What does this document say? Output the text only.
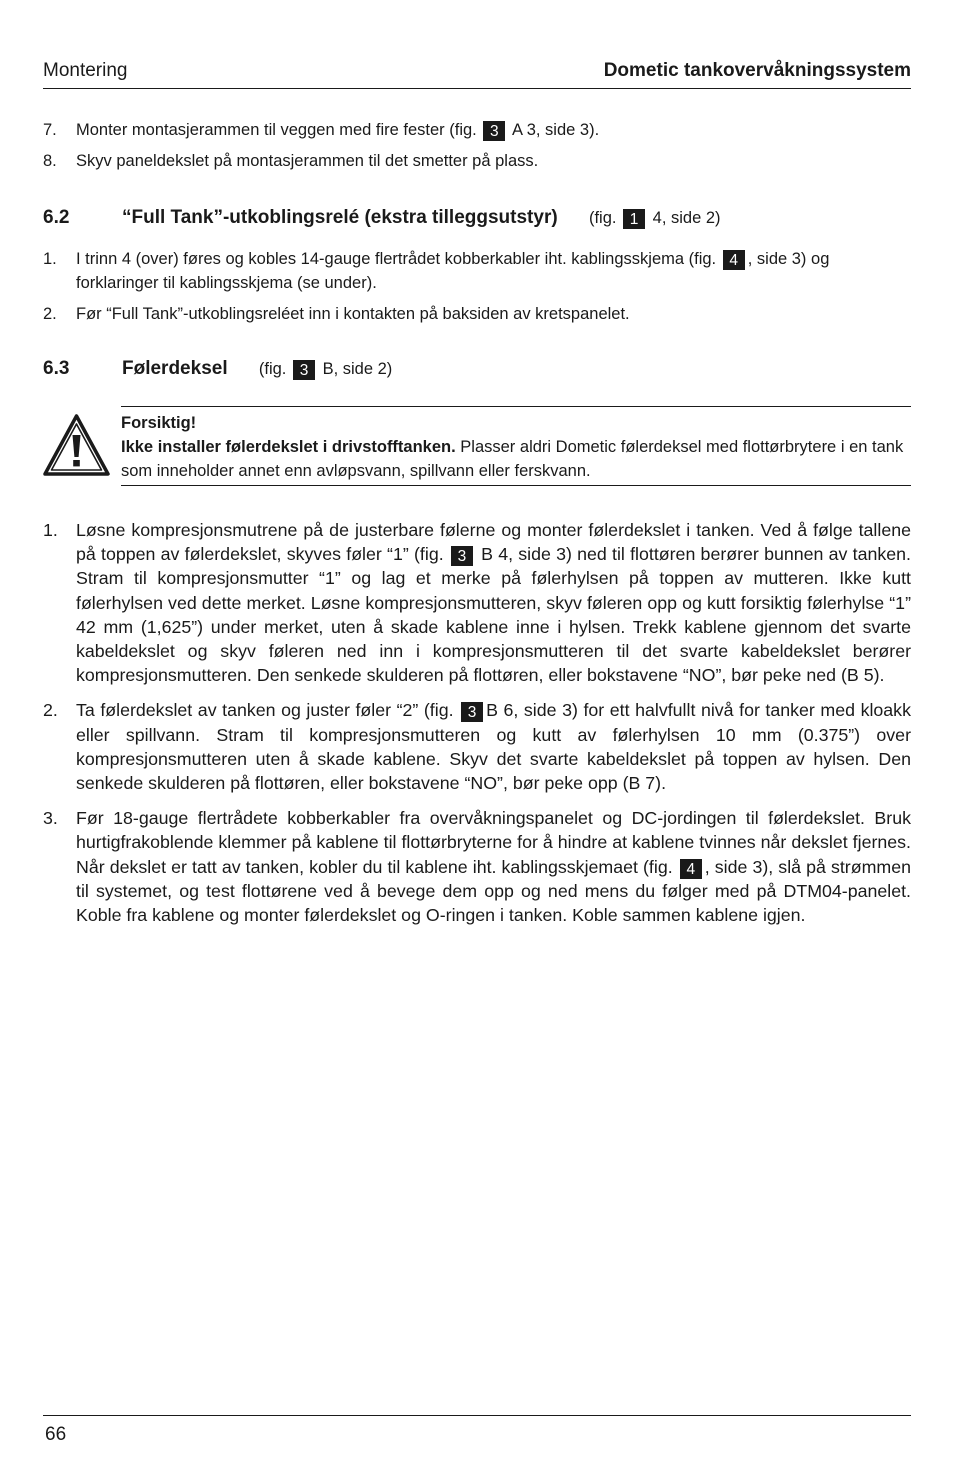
Montering	Dometic tankovervåkningssystem
7. Monter montasjerammen til veggen med fire fester (fig. 3 A 3, side 3).
8. Skyv paneldekslet på montasjerammen til det smetter på plass.
6.2	“Full Tank”-utkoblingsrelé (ekstra tilleggsutstyr) (fig. 1 4, side 2)
1. I trinn 4 (over) føres og kobles 14-gauge flertrådet kobberkabler iht. kablingsskjema (fig. 4 , side 3) og forklaringer til kablingsskjema (se under).
2. Før “Full Tank”-utkoblingsreléet inn i kontakten på baksiden av kretspanelet.
6.3	Følerdeksel (fig. 3 B, side 2)
Forsiktig!
Ikke installer følerdekslet i drivstofftanken. Plasser aldri Dometic følerdeksel med flottørbrytere i en tank som inneholder annet enn avløpsvann, spillvann eller ferskvann.
1. Løsne kompresjonsmutrene på de justerbare følerne og monter følerdekslet i tanken. Ved å følge tallene på toppen av følerdekslet, skyves føler “1” (fig. 3 B 4, side 3) ned til flottøren berører bunnen av tanken. Stram til kompresjonsmutter “1” og lag et merke på følerhylsen på toppen av mutteren. Ikke kutt følerhylsen ved dette merket. Løsne kompresjonsmutteren, skyv føleren opp og kutt forsiktig følerhylse “1” 42 mm (1,625”) under merket, uten å skade kablene inne i hylsen. Trekk kablene gjennom det svarte kabeldekslet og skyv føleren ned inn i kompresjonsmutteren til det svarte kabeldekslet berører kompresjonsmutteren. Den senkede skulderen på flottøren, eller bokstavene “NO”, bør peke ned (B 5).

2. Ta følerdekslet av tanken og juster føler “2” (fig. 3 B 6, side 3) for ett halvfullt nivå for tanker med kloakk eller spillvann. Stram til kompresjonsmutteren og kutt av følerhylsen 10 mm (0.375”) over kompresjonsmutteren uten å skade kablene. Skyv det svarte kabeldekslet på toppen av hylsen. Den senkede skulderen på flottøren, eller bokstavene “NO”, bør peke opp (B 7).

3. Før 18-gauge flertrådete kobberkabler fra overvåkningspanelet og DC-jordingen til følerdekslet. Bruk hurtigfrakoblende klemmer på kablene til flottørbryterne for å hindre at kablene tvinnes når dekslet fjernes. Når dekslet er tatt av tanken, kobler du til kablene iht. kablingsskjemaet (fig. 4 , side 3), slå på strømmen til systemet, og test flottørene ved å bevege dem opp og ned mens du følger med på DTM04-panelet. Koble fra kablene og monter følerdekslet og O-ringen i tanken. Koble sammen kablene igjen.

66
